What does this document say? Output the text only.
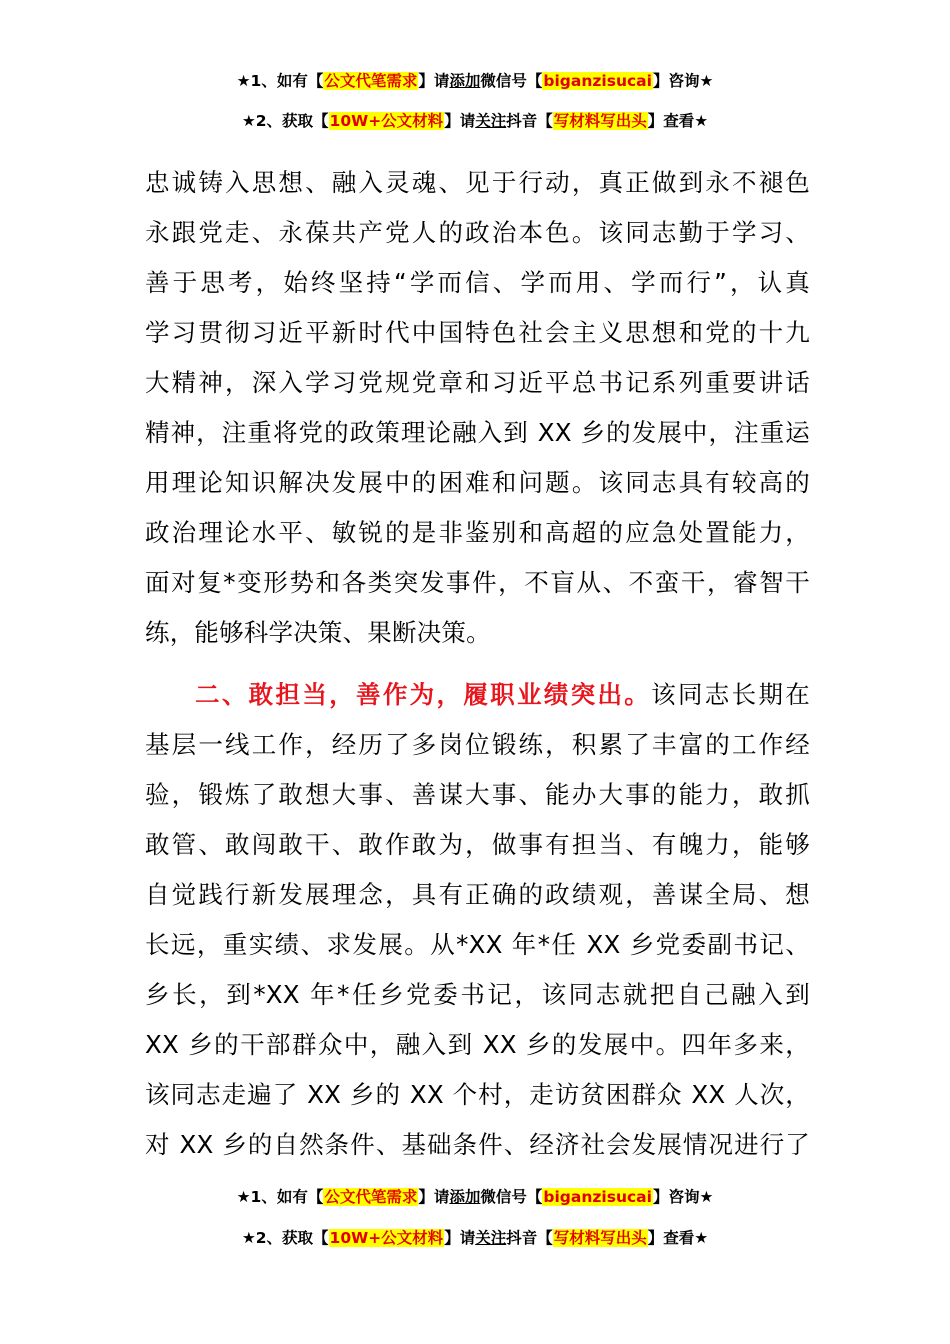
★1、如有【公文代笔需求】请添加微信号【biganzisucai】咨询★
★2、获取【10W+公文材料】请关注抖音【写材料写出头】查看★
忠诚铸入思想、融入灵魂、见于行动，真正做到永不褪色
永跟党走、永葆共产党人的政治本色。该同志勤于学习、
善于思考，始终坚持“学而信、学而用、学而行”，认真
学习贯彻习近平新时代中国特色社会主义思想和党的十九
大精神，深入学习党规党章和习近平总书记系列重要讲话
精神，注重将党的政策理论融入到 XX 乡的发展中，注重运
用理论知识解决发展中的困难和问题。该同志具有较高的
政治理论水平、敏锐的是非鉴别和高超的应急处置能力，
面对复*变形势和各类突发事件，不盲从、不蛮干，睿智干
练，能够科学决策、果断决策。
二、敢担当，善作为，履职业绩突出。该同志长期在
基层一线工作，经历了多岗位锻练，积累了丰富的工作经
验，锻炼了敢想大事、善谋大事、能办大事的能力，敢抓
敢管、敢闯敢干、敢作敢为，做事有担当、有魄力，能够
自觉践行新发展理念，具有正确的政绩观，善谋全局、想
长远，重实绩、求发展。从*XX 年*任 XX 乡党委副书记、
乡长，到*XX 年*任乡党委书记，该同志就把自己融入到
XX 乡的干部群众中，融入到 XX 乡的发展中。四年多来，
该同志走遍了 XX 乡的 XX 个村，走访贫困群众 XX 人次，
对 XX 乡的自然条件、基础条件、经济社会发展情况进行了
★1、如有【公文代笔需求】请添加微信号【biganzisucai】咨询★
★2、获取【10W+公文材料】请关注抖音【写材料写出头】查看★
